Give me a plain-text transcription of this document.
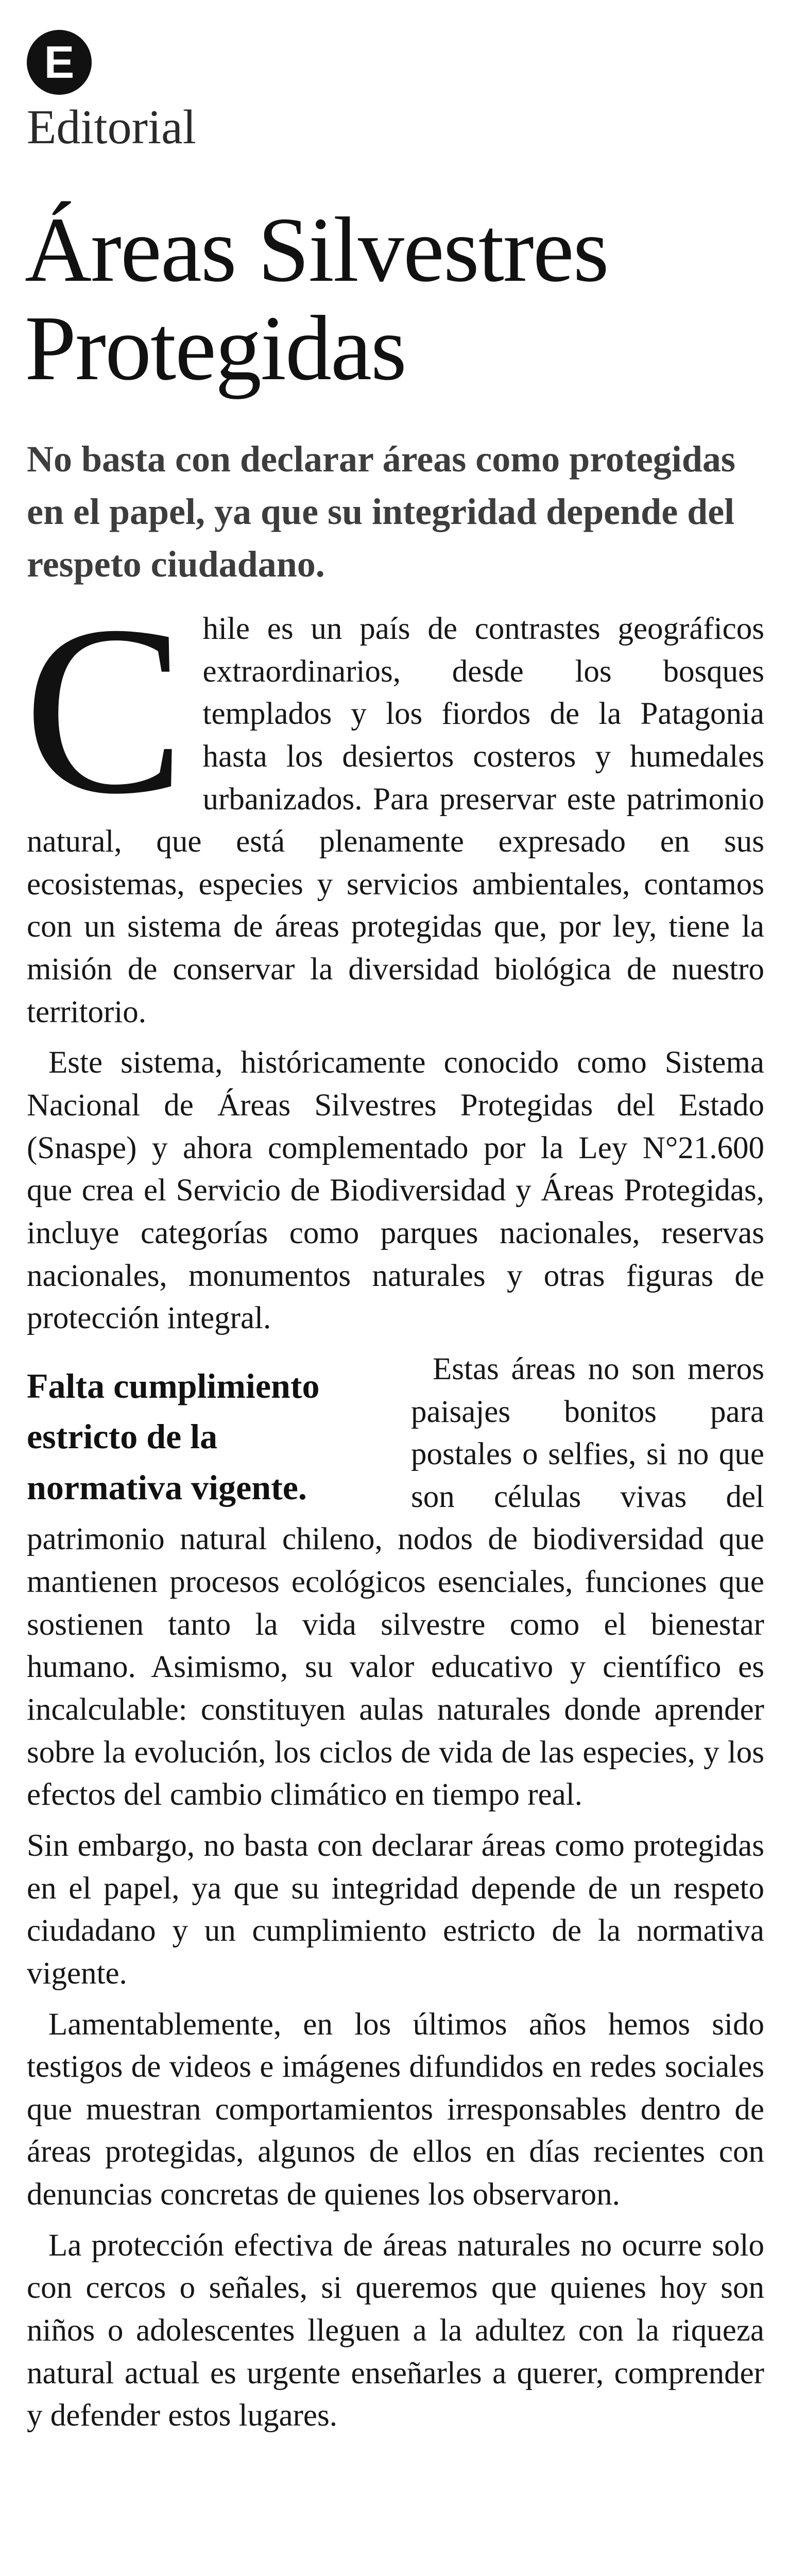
E
Editorial
Áreas Silvestres Protegidas

No basta con declarar áreas como protegidas en el papel, ya que su integridad depende del respeto ciudadano.

Chile es un país de contrastes geográficos extraordinarios, desde los bosques templados y los fiordos de la Patagonia hasta los desiertos costeros y humedales urbanizados. Para preservar este patrimonio natural, que está plenamente expresado en sus ecosistemas, especies y servicios ambientales, contamos con un sistema de áreas protegidas que, por ley, tiene la misión de conservar la diversidad biológica de nuestro territorio.

Este sistema, históricamente conocido como Sistema Nacional de Áreas Silvestres Protegidas del Estado (Snaspe) y ahora complementado por la Ley N°21.600 que crea el Servicio de Biodiversidad y Áreas Protegidas, incluye categorías como parques nacionales, reservas nacionales, monumentos naturales y otras figuras de protección integral.

Falta cumplimiento
estricto de la
normativa vigente.

Estas áreas no son meros paisajes bonitos para postales o selfies, si no que son células vivas del patrimonio natural chileno, nodos de biodiversidad que mantienen procesos ecológicos esenciales, funciones que sostienen tanto la vida silvestre como el bienestar humano. Asimismo, su valor educativo y científico es incalculable: constituyen aulas naturales donde aprender sobre la evolución, los ciclos de vida de las especies, y los efectos del cambio climático en tiempo real.

Sin embargo, no basta con declarar áreas como protegidas en el papel, ya que su integridad depende de un respeto ciudadano y un cumplimiento estricto de la normativa vigente.

Lamentablemente, en los últimos años hemos sido testigos de videos e imágenes difundidos en redes sociales que muestran comportamientos irresponsables dentro de áreas protegidas, algunos de ellos en días recientes con denuncias concretas de quienes los observaron.

La protección efectiva de áreas naturales no ocurre solo con cercos o señales, si queremos que quienes hoy son niños o adolescentes lleguen a la adultez con la riqueza natural actual es urgente enseñarles a querer, comprender y defender estos lugares.
